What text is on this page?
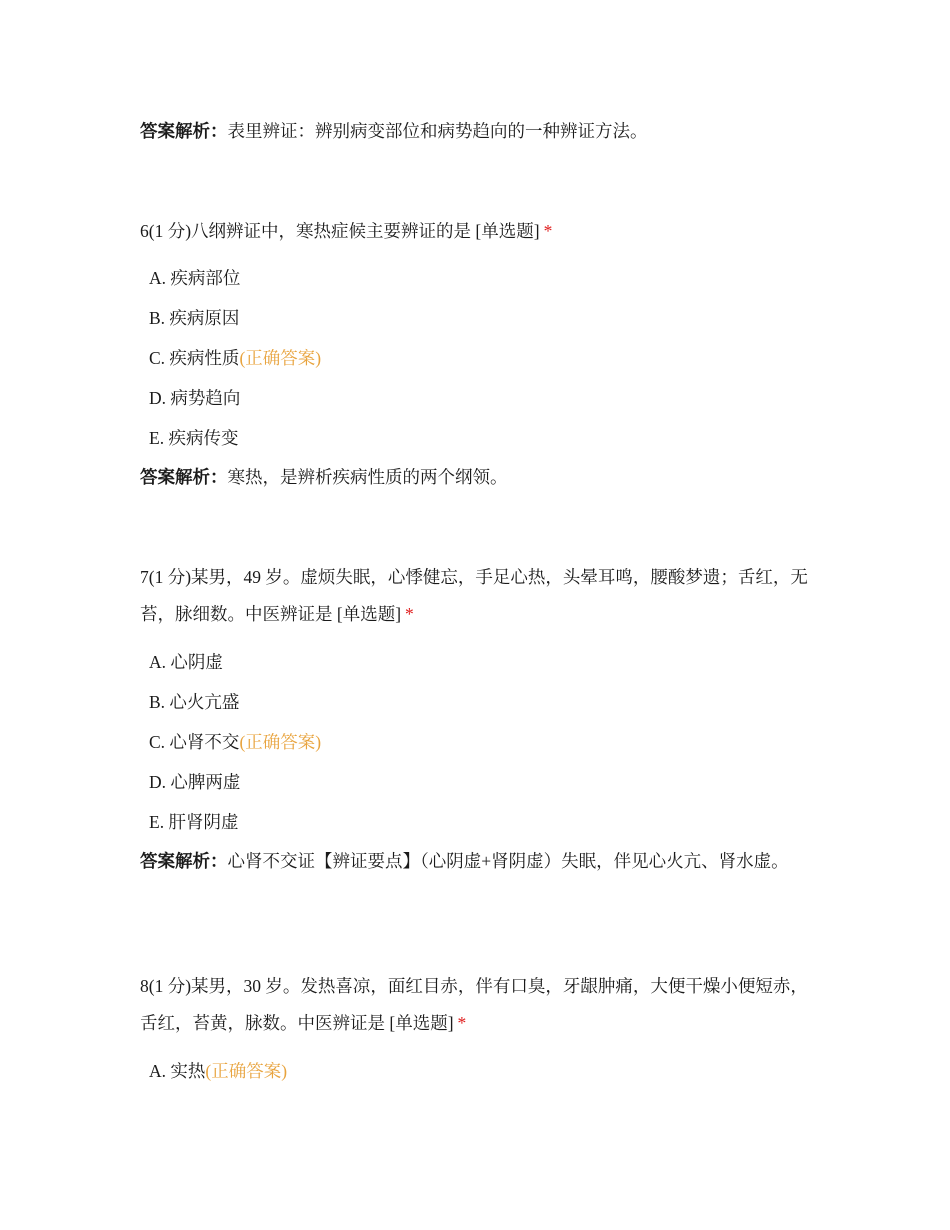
答案解析：表里辨证：辨别病变部位和病势趋向的一种辨证方法。
6(1 分)八纲辨证中，寒热症候主要辨证的是 [单选题] *
A. 疾病部位
B. 疾病原因
C. 疾病性质(正确答案)
D. 病势趋向
E. 疾病传变
答案解析：寒热，是辨析疾病性质的两个纲领。
7(1 分)某男，49 岁。虚烦失眠，心悸健忘，手足心热，头晕耳鸣，腰酸梦遗；舌红，无苔，脉细数。中医辨证是 [单选题] *
A. 心阴虚
B. 心火亢盛
C. 心肾不交(正确答案)
D. 心脾两虚
E. 肝肾阴虚
答案解析：心肾不交证【辨证要点】（心阴虚+肾阴虚）失眠，伴见心火亢、肾水虚。
8(1 分)某男，30 岁。发热喜凉，面红目赤，伴有口臭，牙龈肿痛，大便干燥小便短赤，舌红，苔黄，脉数。中医辨证是 [单选题] *
A. 实热(正确答案)
